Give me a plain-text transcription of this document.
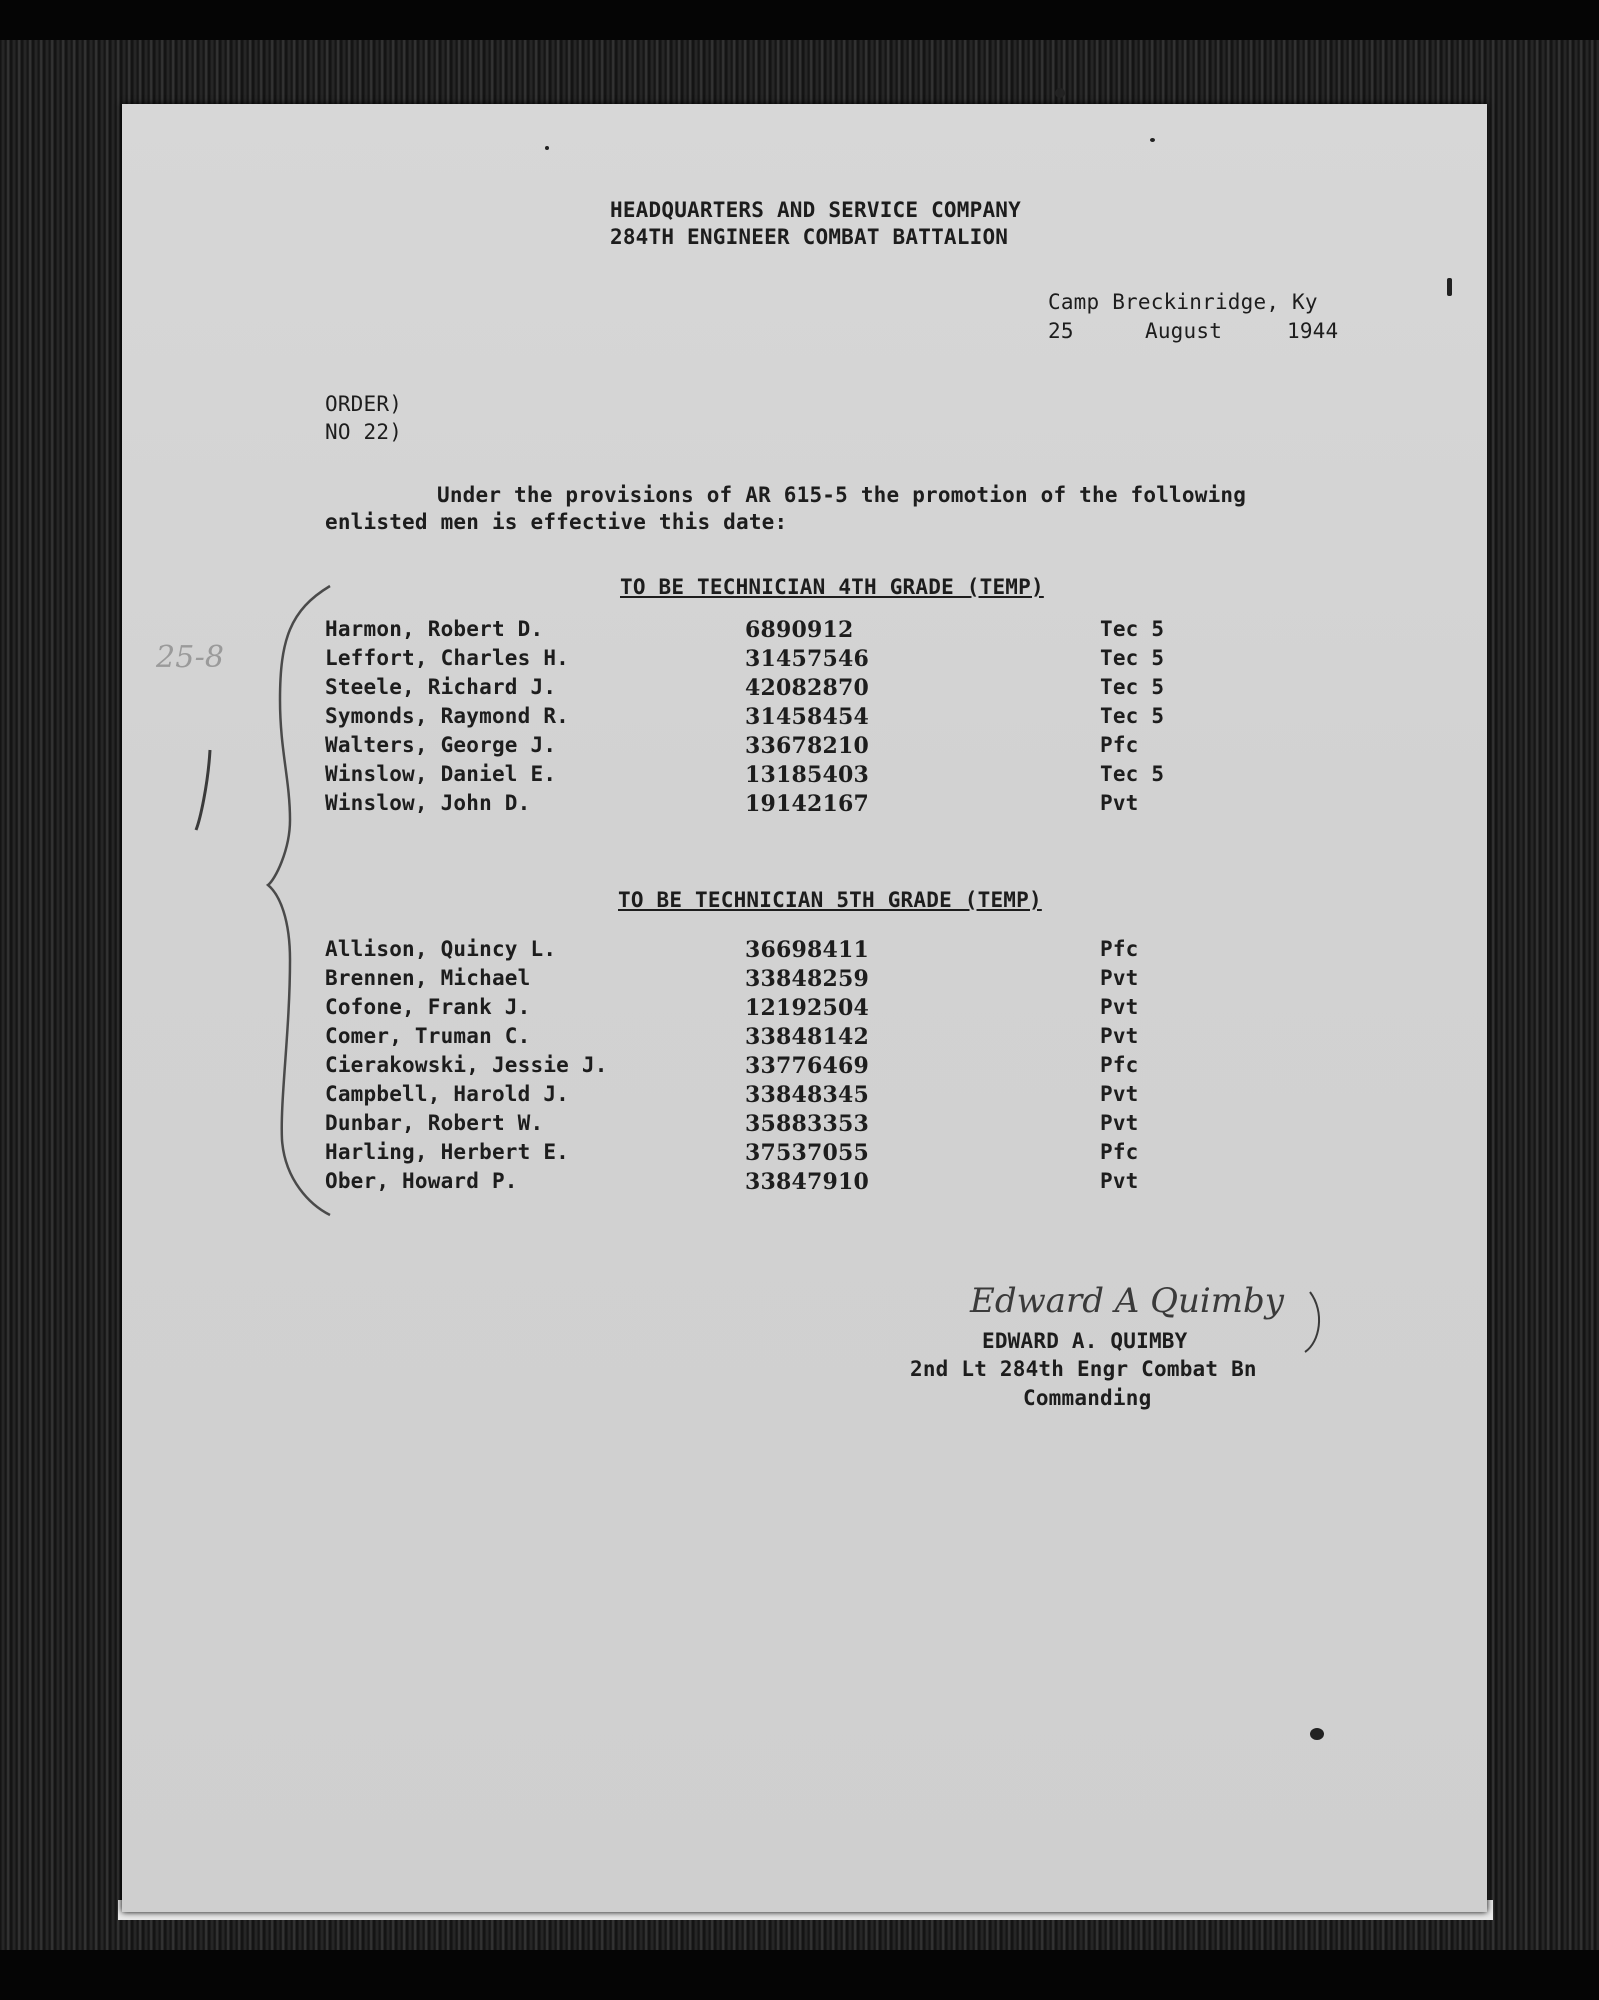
HEADQUARTERS AND SERVICE COMPANY
284TH ENGINEER COMBAT BATTALION
Camp Breckinridge, Ky
25	August	1944
ORDER)
NO 22)
Under the provisions of AR 615-5 the promotion of the following
enlisted men is effective this date:
25-8
TO BE TECHNICIAN 4TH GRADE (TEMP)
Harmon, Robert D.	6890912	Tec 5
Leffort, Charles H.	31457546	Tec 5
Steele, Richard J.	42082870	Tec 5
Symonds, Raymond R.	31458454	Tec 5
Walters, George J.	33678210	Pfc
Winslow, Daniel E.	13185403	Tec 5
Winslow, John D.	19142167	Pvt
TO BE TECHNICIAN 5TH GRADE (TEMP)
Allison, Quincy L.	36698411	Pfc
Brennen, Michael	33848259	Pvt
Cofone, Frank J.	12192504	Pvt
Comer, Truman C.	33848142	Pvt
Cierakowski, Jessie J.	33776469	Pfc
Campbell, Harold J.	33848345	Pvt
Dunbar, Robert W.	35883353	Pvt
Harling, Herbert E.	37537055	Pfc
Ober, Howard P.	33847910	Pvt
Edward A Quimby
EDWARD A. QUIMBY
2nd Lt 284th Engr Combat Bn
Commanding
